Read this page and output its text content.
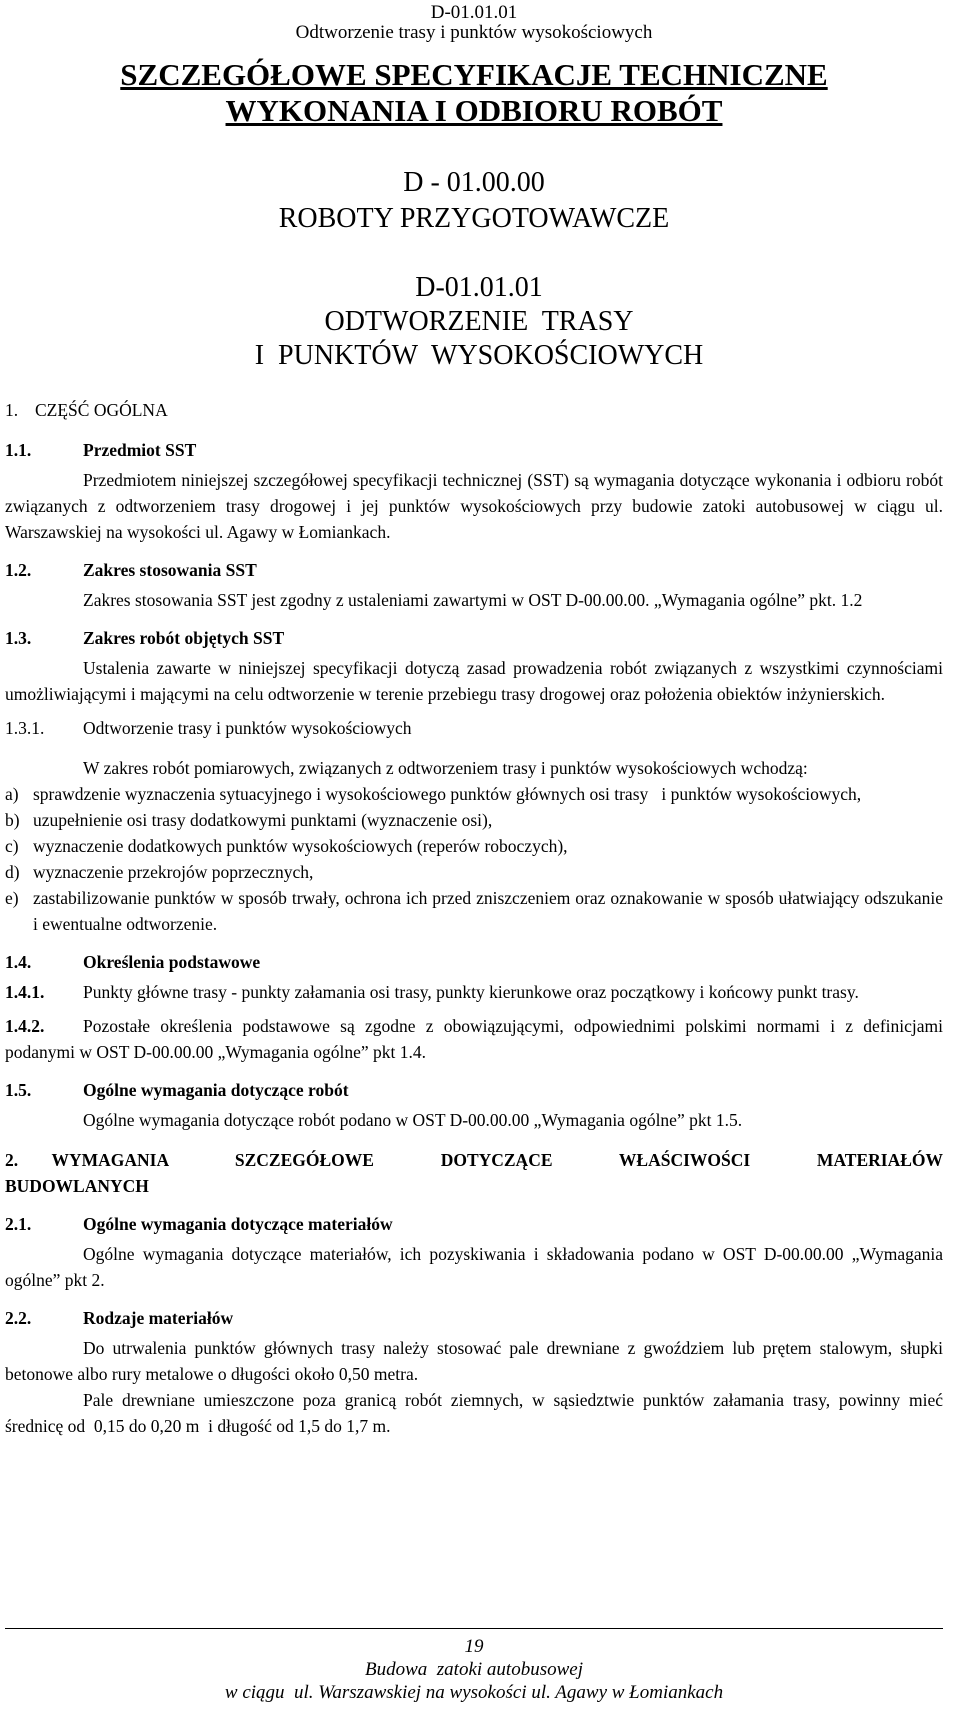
D-01.01.01
Odtworzenie trasy i punktów wysokościowych
SZCZEGÓŁOWE SPECYFIKACJE TECHNICZNE
WYKONANIA I ODBIORU ROBÓT
D - 01.00.00
ROBOTY PRZYGOTOWAWCZE
D-01.01.01
ODTWORZENIE  TRASY
I  PUNKTÓW  WYSOKOŚCIOWYCH
1. CZĘŚĆ OGÓLNA
1.1.	Przedmiot SST

Przedmiotem niniejszej szczegółowej specyfikacji technicznej (SST) są wymagania dotyczące wykonania i odbioru robót związanych z odtworzeniem trasy drogowej i jej punktów wysokościowych przy budowie zatoki autobusowej w ciągu ul. Warszawskiej na wysokości ul. Agawy w Łomiankach.

1.2.	Zakres stosowania SST

Zakres stosowania SST jest zgodny z ustaleniami zawartymi w OST D-00.00.00. „Wymagania ogólne” pkt. 1.2

1.3.	Zakres robót objętych SST

Ustalenia zawarte w niniejszej specyfikacji dotyczą zasad prowadzenia robót związanych z wszystkimi czynnościami umożliwiającymi i mającymi na celu odtworzenie w terenie przebiegu trasy drogowej oraz położenia obiektów inżynierskich.

1.3.1.	Odtworzenie trasy i punktów wysokościowych

W zakres robót pomiarowych, związanych z odtworzeniem trasy i punktów wysokościowych wchodzą:

a) sprawdzenie wyznaczenia sytuacyjnego i wysokościowego punktów głównych osi trasy   i punktów wysokościowych,
b) uzupełnienie osi trasy dodatkowymi punktami (wyznaczenie osi),
c) wyznaczenie dodatkowych punktów wysokościowych (reperów roboczych),
d) wyznaczenie przekrojów poprzecznych,
e) zastabilizowanie punktów w sposób trwały, ochrona ich przed zniszczeniem oraz oznakowanie w sposób ułatwiający odszukanie i ewentualne odtworzenie.
1.4.	Określenia podstawowe

1.4.1. Punkty główne trasy - punkty załamania osi trasy, punkty kierunkowe oraz początkowy i końcowy punkt trasy.

1.4.2. Pozostałe określenia podstawowe są zgodne z obowiązującymi, odpowiednimi polskimi normami i z definicjami podanymi w OST D-00.00.00 „Wymagania ogólne” pkt 1.4.

1.5.	Ogólne wymagania dotyczące robót

Ogólne wymagania dotyczące robót podano w OST D-00.00.00 „Wymagania ogólne” pkt 1.5.

2. WYMAGANIA  SZCZEGÓŁOWE  DOTYCZĄCE  WŁAŚCIWOŚCI  MATERIAŁÓW
BUDOWLANYCH
2.1.	Ogólne wymagania dotyczące materiałów

Ogólne wymagania dotyczące materiałów, ich pozyskiwania i składowania podano w OST D-00.00.00 „Wymagania ogólne” pkt 2.

2.2.	Rodzaje materiałów

Do utrwalenia punktów głównych trasy należy stosować pale drewniane z gwoździem lub prętem stalowym, słupki betonowe albo rury metalowe o długości około 0,50 metra.

Pale drewniane umieszczone poza granicą robót ziemnych, w sąsiedztwie punktów załamania trasy, powinny mieć średnicę od  0,15 do 0,20 m  i długość od 1,5 do 1,7 m.

19
Budowa  zatoki autobusowej
w ciągu  ul. Warszawskiej na wysokości ul. Agawy w Łomiankach
